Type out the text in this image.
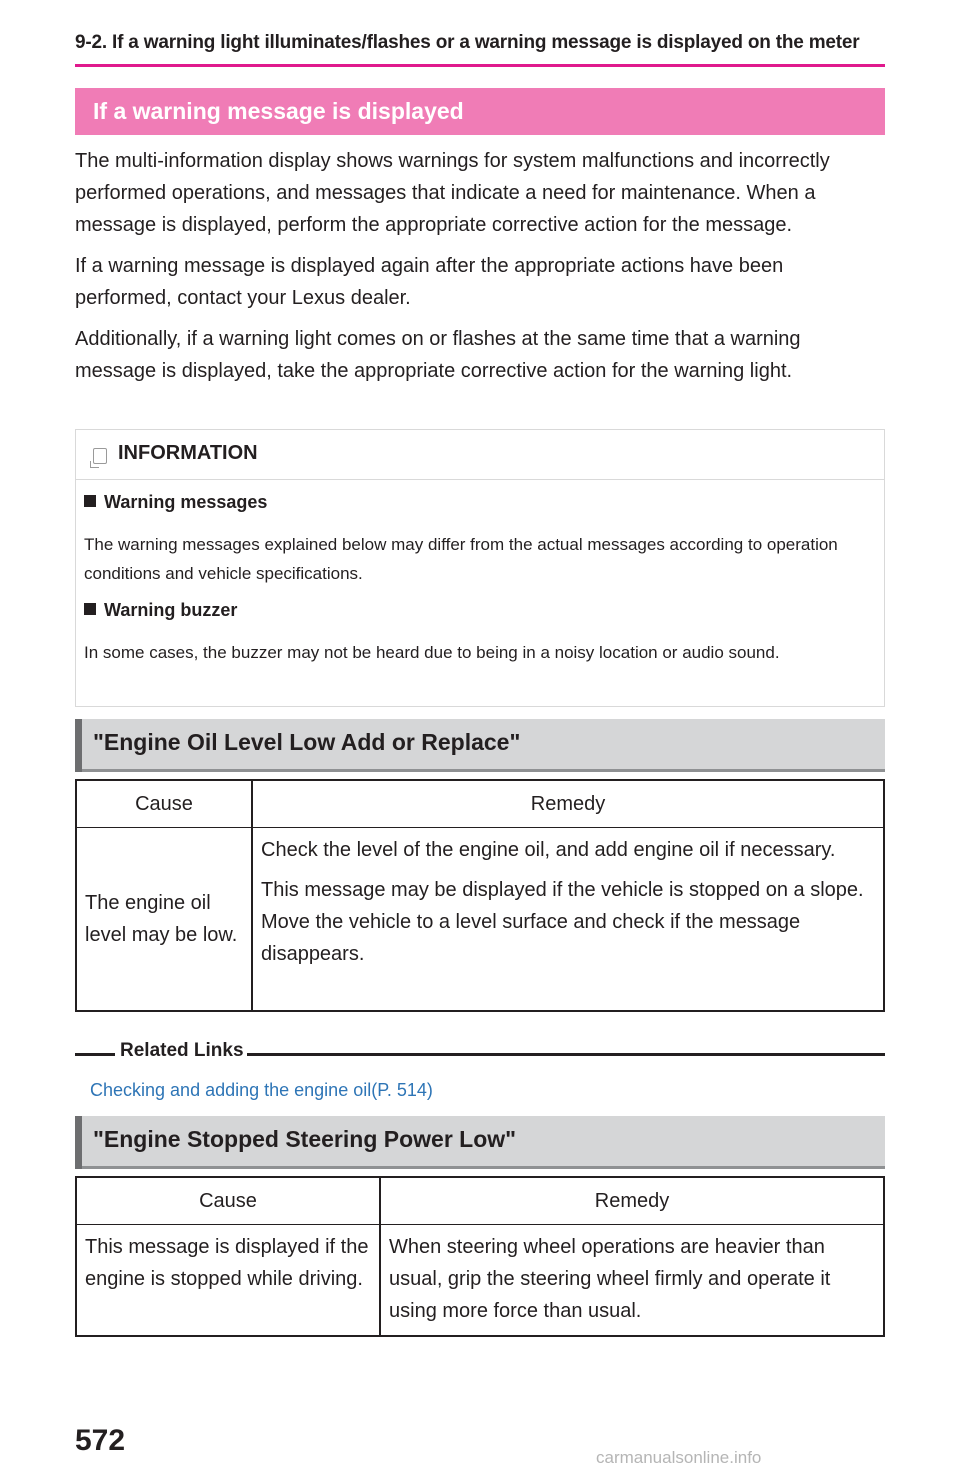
9-2. If a warning light illuminates/flashes or a warning message is displayed on the meter
If a warning message is displayed

The multi-information display shows warnings for system malfunctions and incorrectly performed operations, and messages that indicate a need for maintenance. When a message is displayed, perform the appropriate corrective action for the message.

If a warning message is displayed again after the appropriate actions have been performed, contact your Lexus dealer.

Additionally, if a warning light comes on or flashes at the same time that a warning message is displayed, take the appropriate corrective action for the warning light.

INFORMATION
Warning messages
The warning messages explained below may differ from the actual messages according to operation conditions and vehicle specifications.
Warning buzzer
In some cases, the buzzer may not be heard due to being in a noisy location or audio sound.
"Engine Oil Level Low Add or Replace"
Cause	Remedy

The engine oil level may be low.	Check the level of the engine oil, and add engine oil if necessary.

This message may be displayed if the vehicle is stopped on a slope. Move the vehicle to a level surface and check if the message disappears.

Related Links
Checking and adding the engine oil(P. 514)
"Engine Stopped Steering Power Low"
Cause	Remedy

This message is displayed if the engine is stopped while driving.	When steering wheel operations are heavier than usual, grip the steering wheel firmly and operate it using more force than usual.

572
carmanualsonline.info
